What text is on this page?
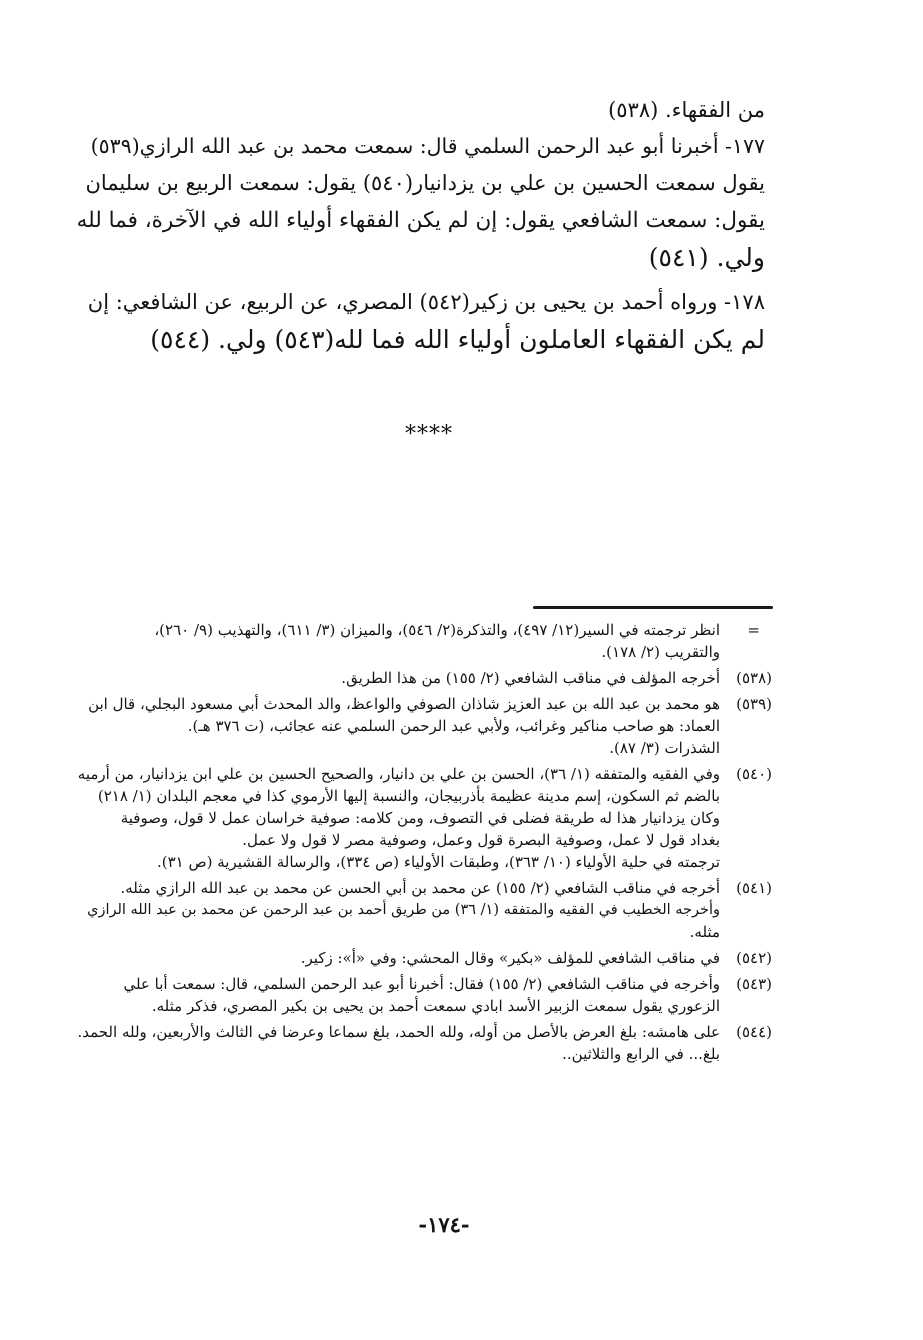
من الفقهاء. (٥٣٨)
١٧٧- أخبرنا أبو عبد الرحمن السلمي قال: سمعت محمد بن عبد الله الرازي(٥٣٩)
يقول سمعت الحسين بن علي بن يزدانيار(٥٤٠) يقول: سمعت الربيع بن سليمان
يقول: سمعت الشافعي يقول: إن لم يكن الفقهاء أولياء الله في الآخرة، فما لله
ولي. (٥٤١)
١٧٨- ورواه أحمد بن يحيى بن زكير(٥٤٢) المصري، عن الربيع، عن الشافعي: إن
لم يكن الفقهاء العاملون أولياء الله فما لله(٥٤٣) ولي. (٥٤٤)
****
=
انظر ترجمته في السير(١٢/ ٤٩٧)، والتذكرة(٢/ ٥٤٦)، والميزان (٣/ ٦١١)، والتهذيب (٩/ ٢٦٠)،
والتقريب (٢/ ١٧٨).
(٥٣٨)
أخرجه المؤلف في مناقب الشافعي (٢/ ١٥٥) من هذا الطريق.
(٥٣٩)
هو محمد بن عبد الله بن عبد العزيز شاذان الصوفي والواعظ، والد المحدث أبي مسعود البجلي، قال ابن
العماد: هو صاحب مناكير وغرائب، ولأبي عبد الرحمن السلمي عنه عجائب، (ت ٣٧٦ هـ).
الشذرات (٣/ ٨٧).
(٥٤٠)
وفي الفقيه والمتفقه (١/ ٣٦)، الحسن بن علي بن دانيار، والصحيح الحسين بن علي ابن يزدانيار، من أرميه
بالضم ثم السكون، إسم مدينة عظيمة بأذربيجان، والنسبة إليها الأرموي كذا في معجم البلدان (١/ ٢١٨)
وكان يزدانيار هذا له طريقة فضلى في التصوف، ومن كلامه: صوفية خراسان عمل لا قول، وصوفية
بغداد قول لا عمل، وصوفية البصرة قول وعمل، وصوفية مصر لا قول ولا عمل.
ترجمته في حلية الأولياء (١٠/ ٣٦٣)، وطبقات الأولياء (ص ٣٣٤)، والرسالة القشيرية (ص ٣١).
(٥٤١)
أخرجه في مناقب الشافعي (٢/ ١٥٥) عن محمد بن أبي الحسن عن محمد بن عبد الله الرازي مثله.
وأخرجه الخطيب في الفقيه والمتفقه (١/ ٣٦) من طريق أحمد بن عبد الرحمن عن محمد بن عبد الله الرازي
مثله.
(٥٤٢)
في مناقب الشافعي للمؤلف «بكير» وقال المحشي: وفي «أ»: زكير.
(٥٤٣)
وأخرجه في مناقب الشافعي (٢/ ١٥٥) فقال: أخبرنا أبو عبد الرحمن السلمي، قال: سمعت أبا علي
الزعوري يقول سمعت الزبير الأسد ابادي سمعت أحمد بن يحيى بن بكير المصري، فذكر مثله.
(٥٤٤)
على هامشه: بلغ العرض بالأصل من أوله، ولله الحمد، بلغ سماعا وعرضا في الثالث والأربعين، ولله الحمد.
بلغ... في الرابع والثلاثين..
-١٧٤-
